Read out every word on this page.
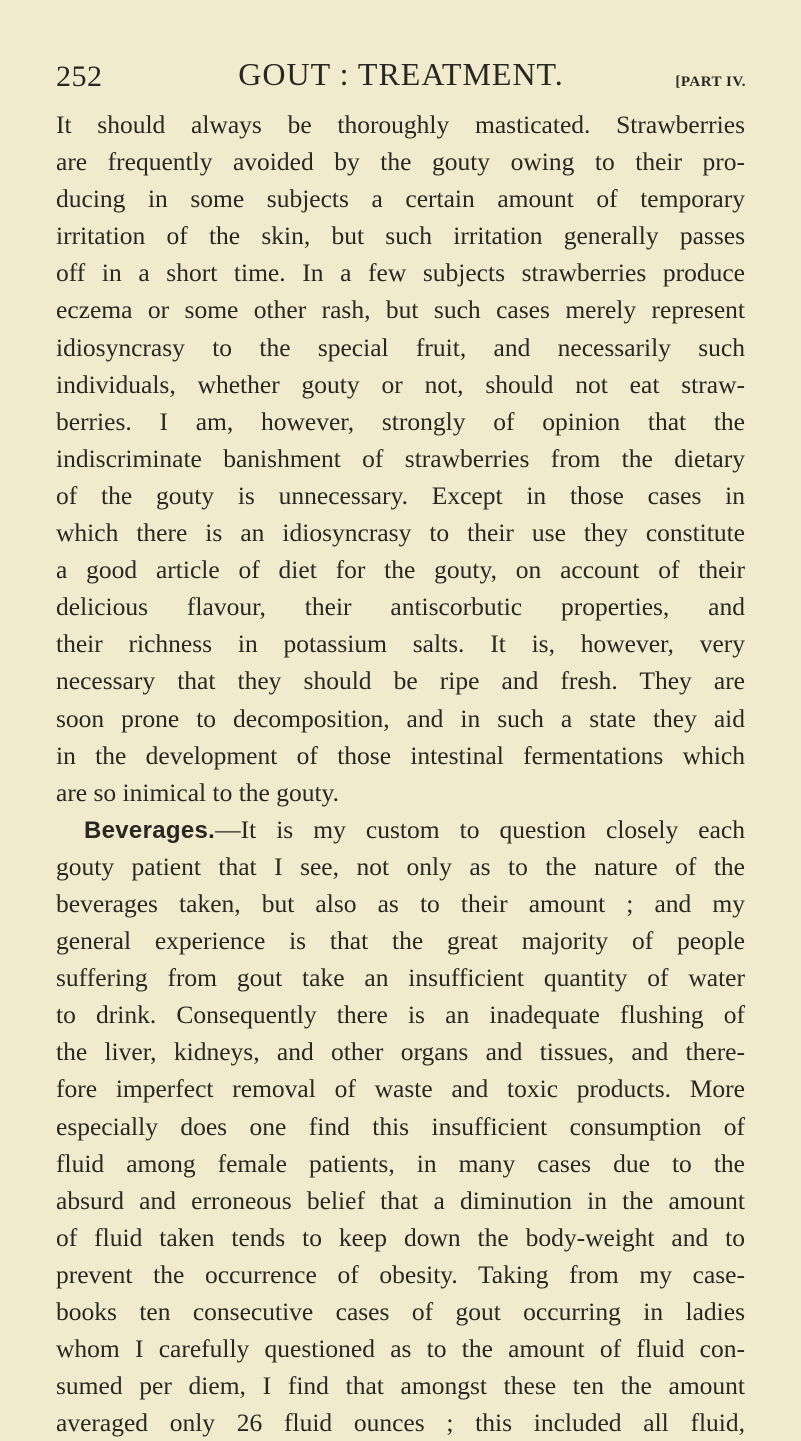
252	GOUT : TREATMENT.	[PART IV.
It should always be thoroughly masticated. Strawberries
are frequently avoided by the gouty owing to their pro-
ducing in some subjects a certain amount of temporary
irritation of the skin, but such irritation generally passes
off in a short time. In a few subjects strawberries produce
eczema or some other rash, but such cases merely represent
idiosyncrasy to the special fruit, and necessarily such
individuals, whether gouty or not, should not eat straw-
berries. I am, however, strongly of opinion that the
indiscriminate banishment of strawberries from the dietary
of the gouty is unnecessary. Except in those cases in
which there is an idiosyncrasy to their use they constitute
a good article of diet for the gouty, on account of their
delicious flavour, their antiscorbutic properties, and
their richness in potassium salts. It is, however, very
necessary that they should be ripe and fresh. They are
soon prone to decomposition, and in such a state they aid
in the development of those intestinal fermentations which
are so inimical to the gouty.
Beverages.—It is my custom to question closely each
gouty patient that I see, not only as to the nature of the
beverages taken, but also as to their amount ; and my
general experience is that the great majority of people
suffering from gout take an insufficient quantity of water
to drink. Consequently there is an inadequate flushing of
the liver, kidneys, and other organs and tissues, and there-
fore imperfect removal of waste and toxic products. More
especially does one find this insufficient consumption of
fluid among female patients, in many cases due to the
absurd and erroneous belief that a diminution in the amount
of fluid taken tends to keep down the body-weight and to
prevent the occurrence of obesity. Taking from my case-
books ten consecutive cases of gout occurring in ladies
whom I carefully questioned as to the amount of fluid con-
sumed per diem, I find that amongst these ten the amount
averaged only 26 fluid ounces ; this included all fluid,
